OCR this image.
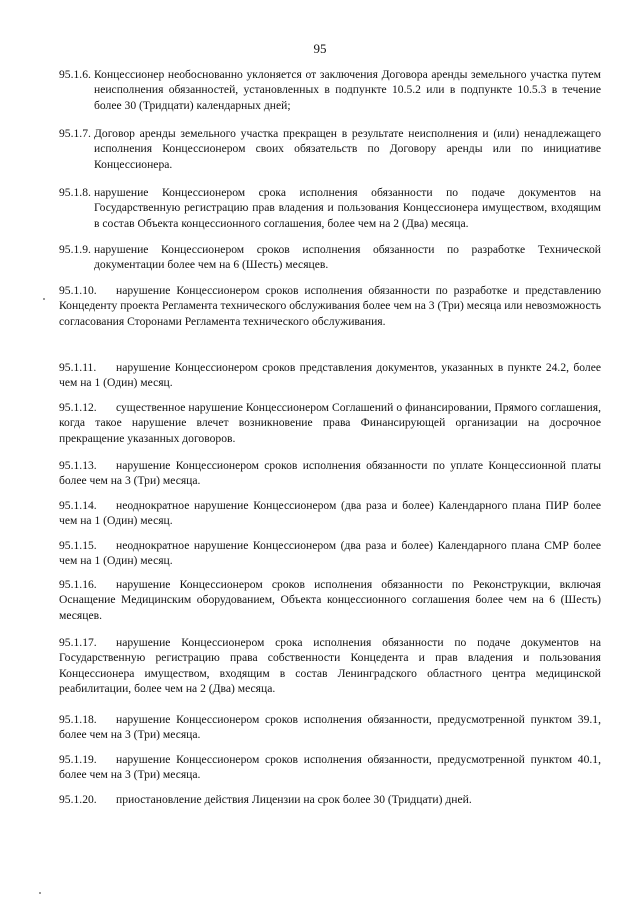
95
95.1.6. Концессионер необоснованно уклоняется от заключения Договора аренды земельного участка путем неисполнения обязанностей, установленных в подпункте 10.5.2 или в подпункте 10.5.3 в течение более 30 (Тридцати) календарных дней;
95.1.7. Договор аренды земельного участка прекращен в результате неисполнения и (или) ненадлежащего исполнения Концессионером своих обязательств по Договору аренды или по инициативе Концессионера.
95.1.8. нарушение Концессионером срока исполнения обязанности по подаче документов на Государственную регистрацию прав владения и пользования Концессионера имуществом, входящим в состав Объекта концессионного соглашения, более чем на 2 (Два) месяца.
95.1.9. нарушение Концессионером сроков исполнения обязанности по разработке Технической документации более чем на 6 (Шесть) месяцев.
95.1.10.	нарушение Концессионером сроков исполнения обязанности по разработке и представлению Концеденту проекта Регламента технического обслуживания более чем на 3 (Три) месяца или невозможность согласования Сторонами Регламента технического обслуживания.
95.1.11.	нарушение Концессионером сроков представления документов, указанных в пункте 24.2, более чем на 1 (Один) месяц.
95.1.12.	существенное нарушение Концессионером Соглашений о финансировании, Прямого соглашения, когда такое нарушение влечет возникновение права Финансирующей организации на досрочное прекращение указанных договоров.
95.1.13.	нарушение Концессионером сроков исполнения обязанности по уплате Концессионной платы более чем на 3 (Три) месяца.
95.1.14.	неоднократное нарушение Концессионером (два раза и более) Календарного плана ПИР более чем на 1 (Один) месяц.
95.1.15.	неоднократное нарушение Концессионером (два раза и более) Календарного плана СМР более чем на 1 (Один) месяц.
95.1.16.	нарушение Концессионером сроков исполнения обязанности по Реконструкции, включая Оснащение Медицинским оборудованием, Объекта концессионного соглашения более чем на 6 (Шесть) месяцев.
95.1.17.	нарушение Концессионером срока исполнения обязанности по подаче документов на Государственную регистрацию права собственности Концедента и прав владения и пользования Концессионера имуществом, входящим в состав Ленинградского областного центра медицинской реабилитации, более чем на 2 (Два) месяца.
95.1.18.	нарушение Концессионером сроков исполнения обязанности, предусмотренной пунктом 39.1, более чем на 3 (Три) месяца.
95.1.19.	нарушение Концессионером сроков исполнения обязанности, предусмотренной пунктом 40.1, более чем на 3 (Три) месяца.
95.1.20.	приостановление действия Лицензии на срок более 30 (Тридцати) дней.
